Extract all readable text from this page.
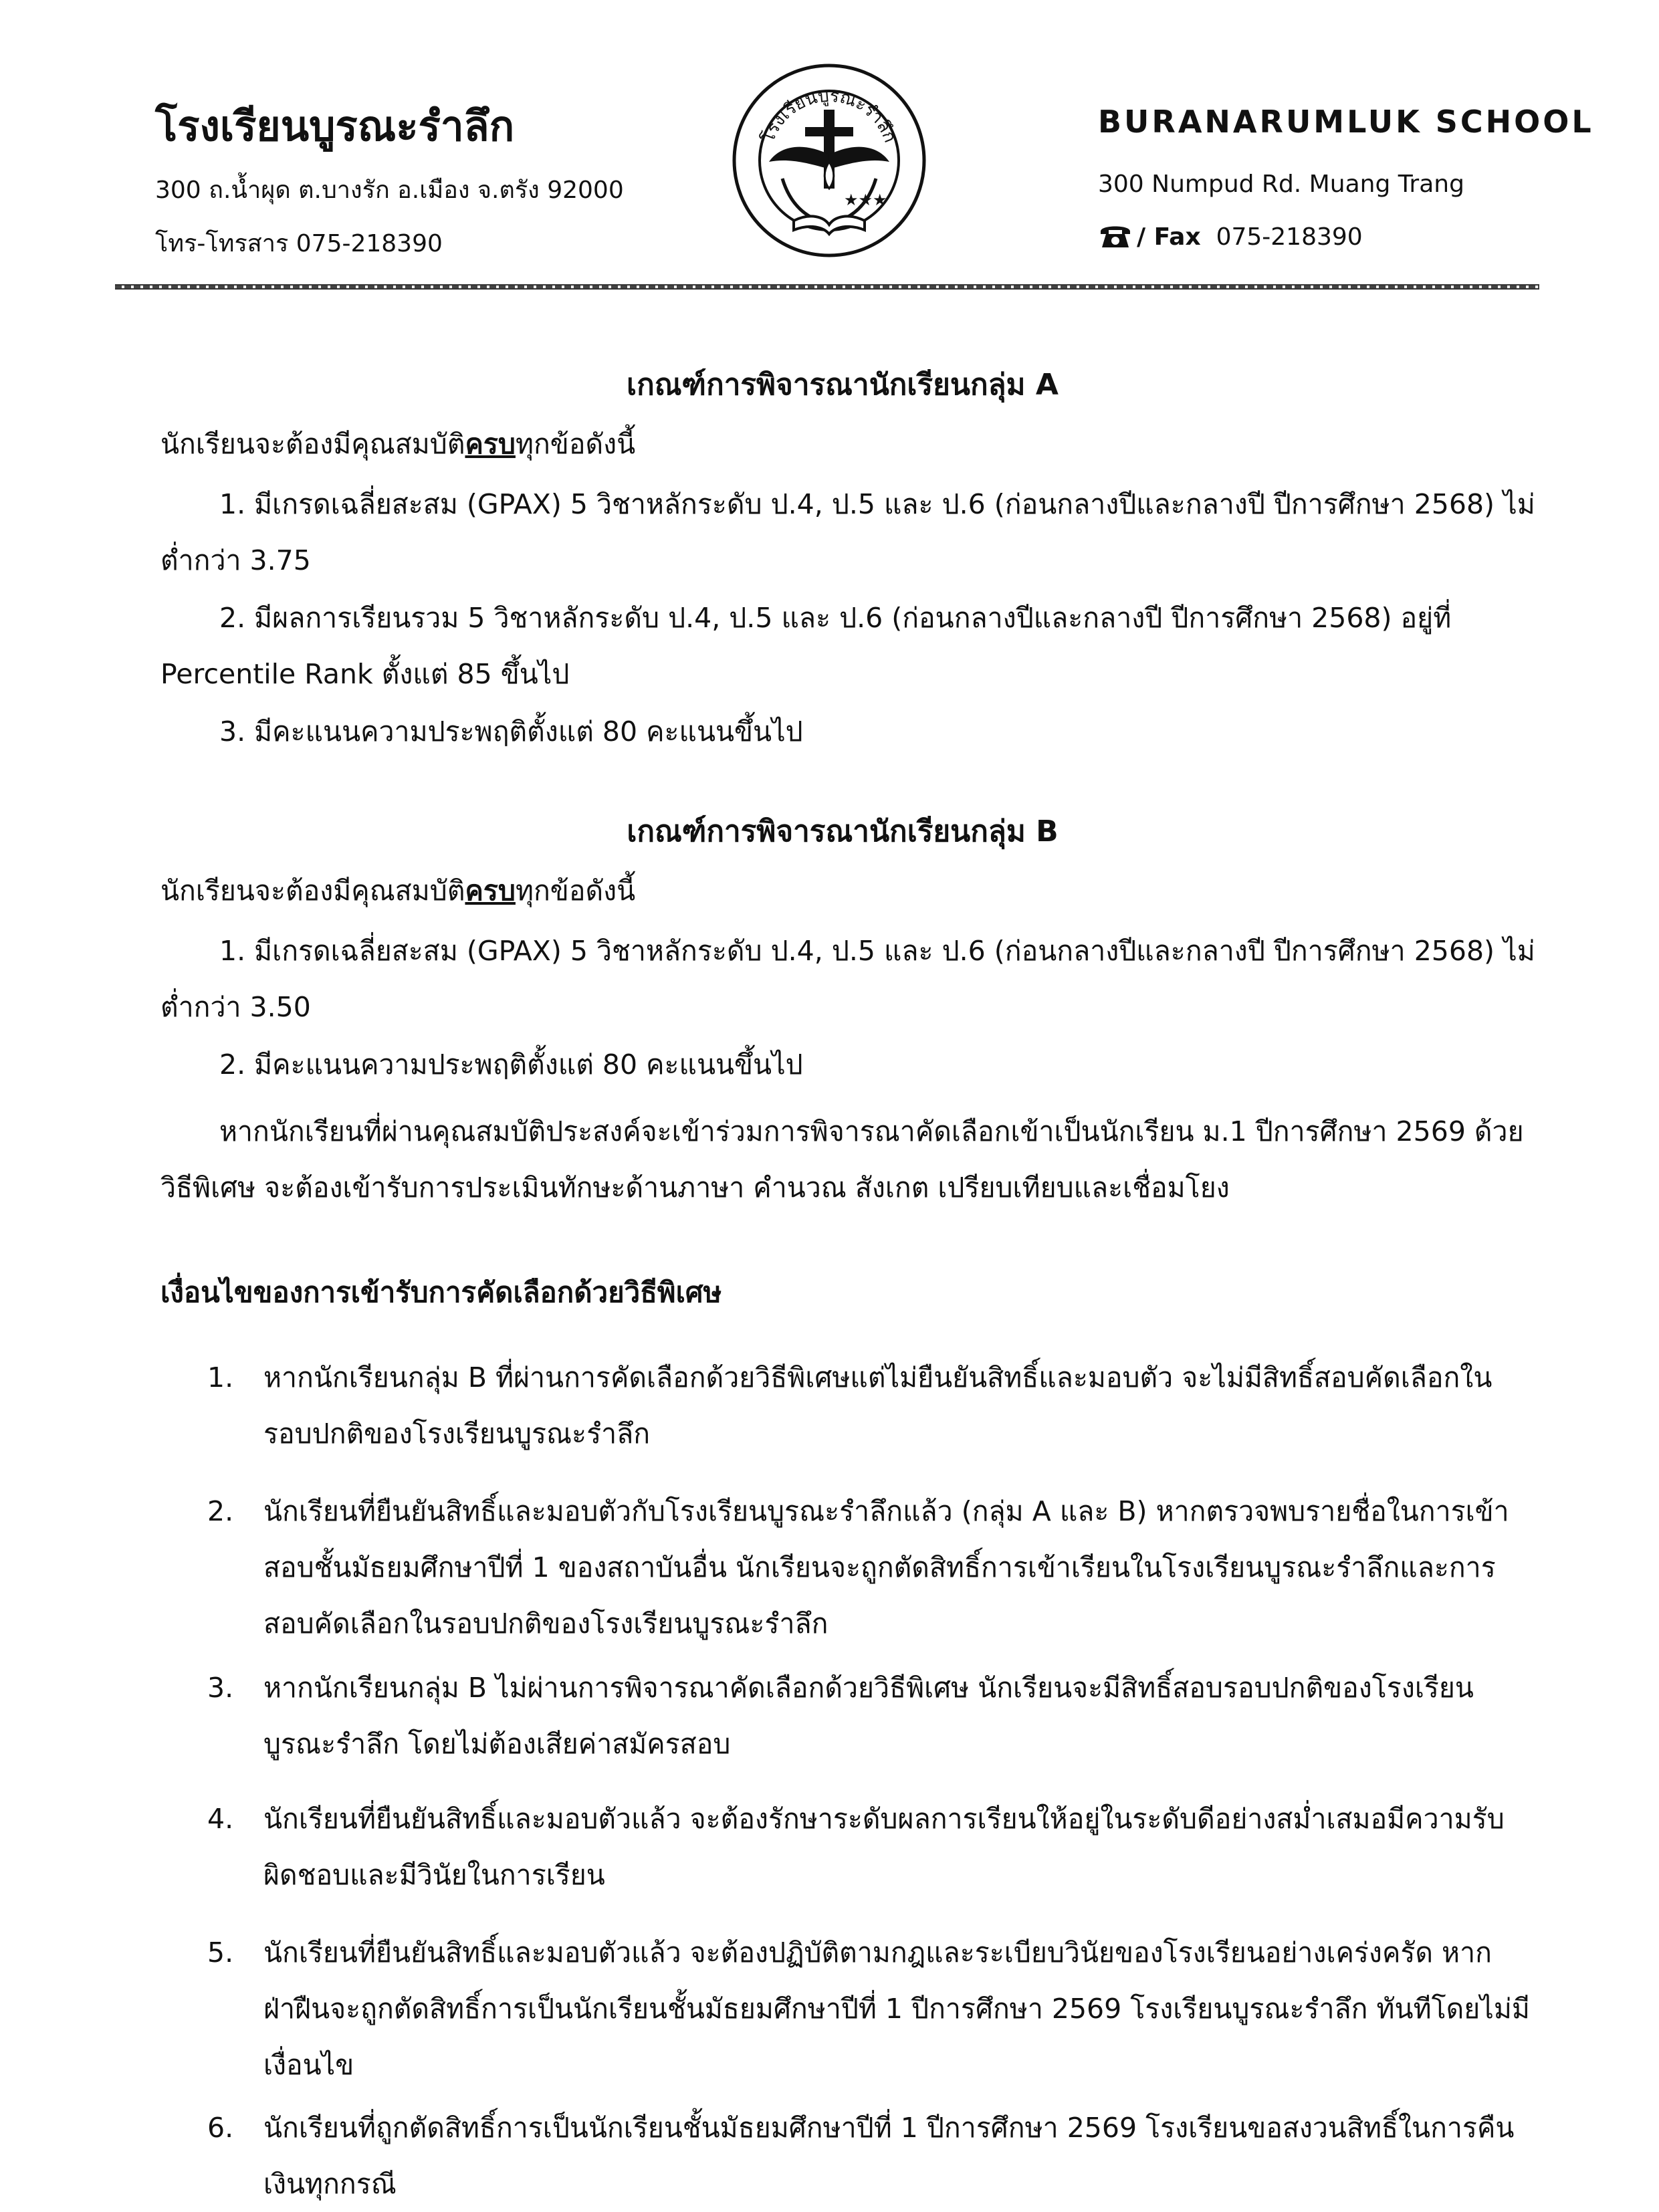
โรงเรียนบูรณะรำลึก
300 ถ.น้ำผุด ต.บางรัก อ.เมือง จ.ตรัง 92000
โทร-โทรสาร 075-218390
โรงเรียนบูรณะรำลึก
★★★
BURANARUMLUK SCHOOL
300 Numpud Rd. Muang Trang
/ Fax 075-218390
เกณฑ์การพิจารณานักเรียนกลุ่ม A
นักเรียนจะต้องมีคุณสมบัติครบทุกข้อดังนี้
1. มีเกรดเฉลี่ยสะสม (GPAX) 5 วิชาหลักระดับ ป.4, ป.5 และ ป.6 (ก่อนกลางปีและกลางปี ปีการศึกษา 2568) ไม่ต่ำกว่า 3.75
2. มีผลการเรียนรวม 5 วิชาหลักระดับ ป.4, ป.5 และ ป.6 (ก่อนกลางปีและกลางปี ปีการศึกษา 2568) อยู่ที่ Percentile Rank ตั้งแต่ 85 ขึ้นไป
3. มีคะแนนความประพฤติตั้งแต่ 80 คะแนนขึ้นไป
เกณฑ์การพิจารณานักเรียนกลุ่ม B
นักเรียนจะต้องมีคุณสมบัติครบทุกข้อดังนี้
1. มีเกรดเฉลี่ยสะสม (GPAX) 5 วิชาหลักระดับ ป.4, ป.5 และ ป.6 (ก่อนกลางปีและกลางปี ปีการศึกษา 2568) ไม่ต่ำกว่า 3.50
2. มีคะแนนความประพฤติตั้งแต่ 80 คะแนนขึ้นไป
หากนักเรียนที่ผ่านคุณสมบัติประสงค์จะเข้าร่วมการพิจารณาคัดเลือกเข้าเป็นนักเรียน ม.1 ปีการศึกษา 2569 ด้วยวิธีพิเศษ จะต้องเข้ารับการประเมินทักษะด้านภาษา คำนวณ สังเกต เปรียบเทียบและเชื่อมโยง
เงื่อนไขของการเข้ารับการคัดเลือกด้วยวิธีพิเศษ
1. หากนักเรียนกลุ่ม B ที่ผ่านการคัดเลือกด้วยวิธีพิเศษแต่ไม่ยืนยันสิทธิ์และมอบตัว จะไม่มีสิทธิ์สอบคัดเลือกในรอบปกติของโรงเรียนบูรณะรำลึก
2. นักเรียนที่ยืนยันสิทธิ์และมอบตัวกับโรงเรียนบูรณะรำลึกแล้ว (กลุ่ม A และ B) หากตรวจพบรายชื่อในการเข้าสอบชั้นมัธยมศึกษาปีที่ 1 ของสถาบันอื่น นักเรียนจะถูกตัดสิทธิ์การเข้าเรียนในโรงเรียนบูรณะรำลึกและการสอบคัดเลือกในรอบปกติของโรงเรียนบูรณะรำลึก
3. หากนักเรียนกลุ่ม B ไม่ผ่านการพิจารณาคัดเลือกด้วยวิธีพิเศษ นักเรียนจะมีสิทธิ์สอบรอบปกติของโรงเรียนบูรณะรำลึก โดยไม่ต้องเสียค่าสมัครสอบ
4. นักเรียนที่ยืนยันสิทธิ์และมอบตัวแล้ว จะต้องรักษาระดับผลการเรียนให้อยู่ในระดับดีอย่างสม่ำเสมอมีความรับผิดชอบและมีวินัยในการเรียน
5. นักเรียนที่ยืนยันสิทธิ์และมอบตัวแล้ว จะต้องปฏิบัติตามกฎและระเบียบวินัยของโรงเรียนอย่างเคร่งครัด หากฝ่าฝืนจะถูกตัดสิทธิ์การเป็นนักเรียนชั้นมัธยมศึกษาปีที่ 1 ปีการศึกษา 2569 โรงเรียนบูรณะรำลึก ทันทีโดยไม่มีเงื่อนไข
6. นักเรียนที่ถูกตัดสิทธิ์การเป็นนักเรียนชั้นมัธยมศึกษาปีที่ 1 ปีการศึกษา 2569 โรงเรียนขอสงวนสิทธิ์ในการคืนเงินทุกกรณี
